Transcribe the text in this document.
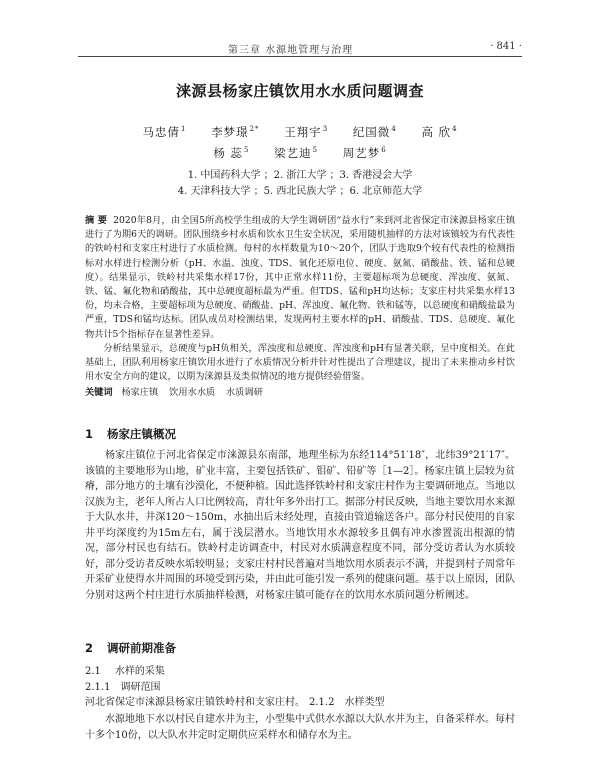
第三章 水源地管理与治理	· 841 ·
涞源县杨家庄镇饮用水水质问题调查
马忠倩$^1$ 李梦璟$^{2*}$ 王翔宇$^3$ 纪国微$^4$ 高 欣$^4$
杨 蕊$^5$ 梁艺迪$^5$ 周艺梦$^6$
1. 中国药科大学 ； 2. 浙江大学 ； 3. 香港浸会大学
4. 天津科技大学 ； 5. 西北民族大学 ； 6. 北京师范大学

摘 要 2020年8月，由全国5所高校学生组成的大学生调研团“益水行”来到河北省保定市涞源县杨家庄镇进行了为期6天的调研。团队围绕乡村水质和饮水卫生安全状况，采用随机抽样的方法对该镇较为有代表性的铁岭村和支家庄村进行了水质检测。每村的水样数量为10～20个，团队于选取9个较有代表性的检测指标对水样进行检测分析（pH、水温、浊度、TDS、氧化还原电位、硬度、氨氮、硝酸盐、铁、锰和总硬度）。结果显示，铁岭村共采集水样17份，其中正常水样11份，主要超标项为总硬度、浑浊度、氨氮、铁、锰、氟化物和硝酸盐，其中总硬度超标最为严重。但TDS、锰和pH均达标；支家庄村共采集水样13份，均未合格，主要超标项为总硬度、硝酸盐、pH、浑浊度、氟化物、铁和锰等，以总硬度和硝酸盐最为严重，TDS和锰均达标。团队成员对检测结果，发现两村主要水样的pH、硝酸盐、TDS、总硬度、氟化物共计5个指标存在显著性差异。

分析结果显示，总硬度与pH负相关，浑浊度和总硬度、浑浊度和pH有显著关联，呈中度相关。在此基础上，团队利用杨家庄镇饮用水进行了水质情况分析并针对性提出了合理建议，提出了未来推动乡村饮用水安全方向的建议，以期为涞源县及类似情况的地方提供经验借鉴。

关键词 杨家庄镇 饮用水水质 水质调研
1 杨家庄镇概况
杨家庄镇位于河北省保定市涞源县东南部，地理坐标为东经114°51′18″，北纬39°21′17″。该镇的主要地形为山地，矿业丰富，主要包括铁矿、钼矿、铅矿等［1—2］。杨家庄镇上层较为贫瘠，部分地方的土壤有沙漠化，不便种植。因此选择铁岭村和支家庄村作为主要调研地点。当地以汉族为主，老年人所占人口比例较高，青壮年多外出打工。据部分村民反映，当地主要饮用水来源于大队水井，井深120～150m，水抽出后未经处理，直接由管道输送各户。部分村民使用的自家井平均深度约为15m左右，属于浅层潜水。当地饮用水水源较多且偶有冲水渗置流出根源的情况，部分村民也有结石。铁岭村走访调查中，村民对水质满意程度不同，部分受访者认为水质较好，部分受访者反映水垢较明显；支家庄村村民普遍对当地饮用水质表示不满，并提到村子周常年开采矿业使得水井周围的环境受到污染，并由此可能引发一系列的健康问题。基于以上原因，团队分别对这两个村庄进行水质抽样检测，对杨家庄镇可能存在的饮用水水质问题分析阐述。
2 调研前期准备
2.1 水样的采集
2.1.1 调研范围
河北省保定市涞源县杨家庄镇铁岭村和支家庄村。 2.1.2 水样类型
水源地地下水以村民自建水井为主，小型集中式供水水源以大队水井为主，自备采样水。每村十多个10份，以大队水井定时定期供应采样水和储存水为主。
